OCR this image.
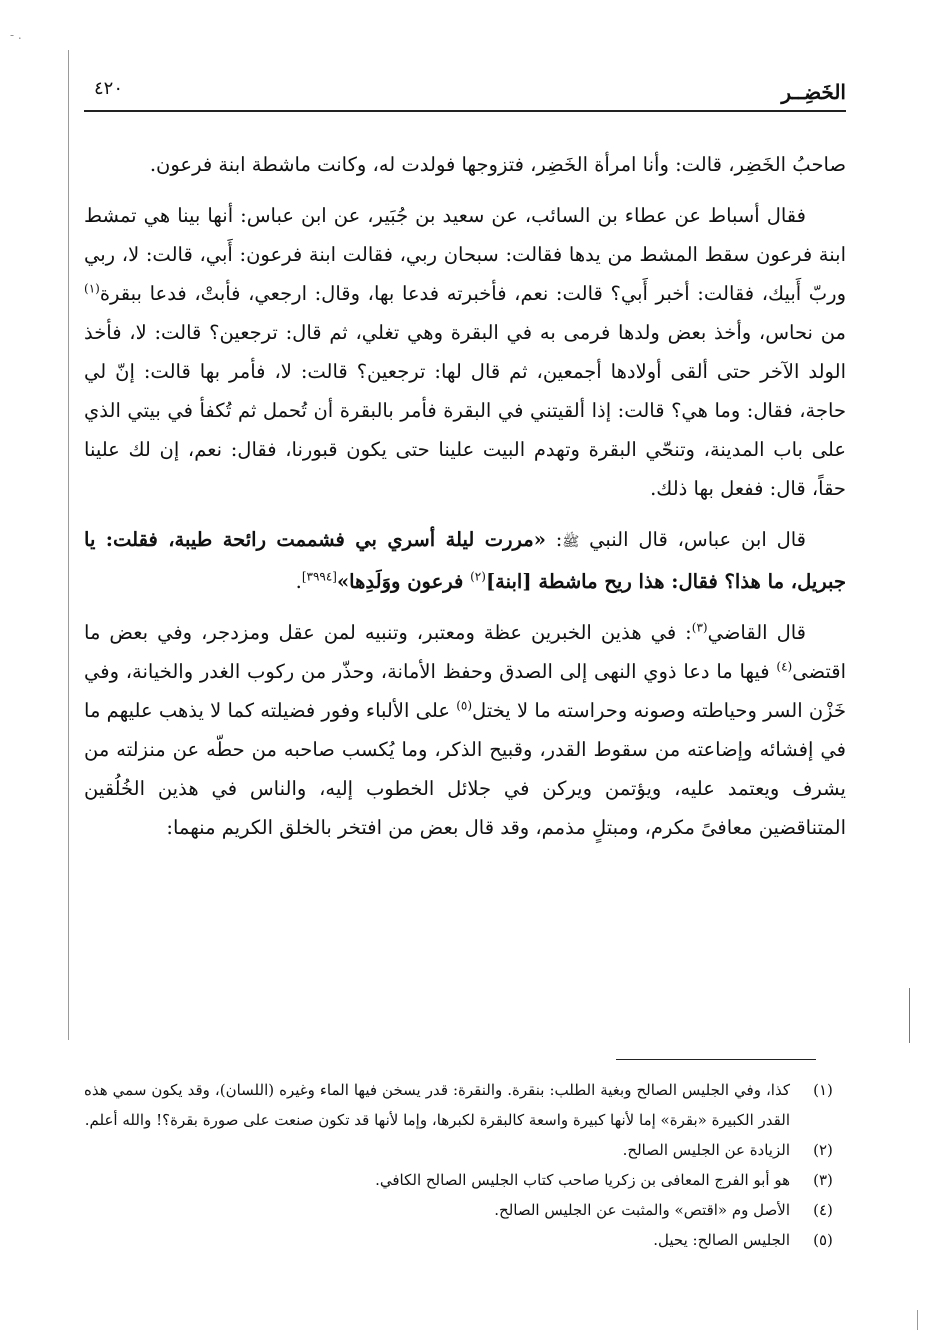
- .
الخَضِــر
٤٢٠

صاحبُ الخَضِر، قالت: وأنا امرأة الخَضِر، فتزوجها فولدت له، وكانت ماشطة ابنة فرعون.

فقال أسباط عن عطاء بن السائب، عن سعيد بن جُبَير، عن ابن عباس: أنها بينا هي تمشط ابنة فرعون سقط المشط من يدها فقالت: سبحان ربي، فقالت ابنة فرعون: أَبي، قالت: لا، ربي وربّ أَبيك، فقالت: أخبر أَبي؟ قالت: نعم، فأخبرته فدعا بها، وقال: ارجعي، فأبتْ، فدعا ببقرة$^{(١)}$ من نحاس، وأخذ بعض ولدها فرمى به في البقرة وهي تغلي، ثم قال: ترجعين؟ قالت: لا، فأخذ الولد الآخر حتى ألقى أولادها أجمعين، ثم قال لها: ترجعين؟ قالت: لا، فأمر بها قالت: إنّ لي حاجة، فقال: وما هي؟ قالت: إذا ألقيتني في البقرة فأمر بالبقرة أن تُحمل ثم تُكفأ في بيتي الذي على باب المدينة، وتنحّي البقرة وتهدم البيت علينا حتى يكون قبورنا، فقال: نعم، إن لك علينا حقاً، قال: ففعل بها ذلك.

قال ابن عباس، قال النبي ﷺ: «مررت ليلة أسري بي فشممت رائحة طيبة، فقلت: يا جبريل، ما هذا؟ فقال: هذا ريح ماشطة [ابنة]$^{(٢)}$ فرعون ووَلَدِها»[٣٩٩٤].

قال القاضي$^{(٣)}$: في هذين الخبرين عظة ومعتبر، وتنبيه لمن عقل ومزدجر، وفي بعض ما اقتضى$^{(٤)}$ فيها ما دعا ذوي النهى إلى الصدق وحفظ الأمانة، وحذّر من ركوب الغدر والخيانة، وفي خَزْن السر وحياطته وصونه وحراسته ما لا يختل$^{(٥)}$ على الألباء وفور فضيلته كما لا يذهب عليهم ما في إفشائه وإضاعته من سقوط القدر، وقبيح الذكر، وما يُكسب صاحبه من حطّه عن منزلته من يشرف ويعتمد عليه، ويؤتمن ويركن في جلائل الخطوب إليه، والناس في هذين الخُلُقين المتناقضين معافىً مكرم، ومبتلٍ مذمم، وقد قال بعض من افتخر بالخلق الكريم منهما:

(١)
كذا، وفي الجليس الصالح وبغية الطلب: بنقرة. والنقرة: قدر يسخن فيها الماء وغيره (اللسان)، وقد يكون سمي هذه القدر الكبيرة «بقرة» إما لأنها كبيرة واسعة كالبقرة لكبرها، وإما لأنها قد تكون صنعت على صورة بقرة؟! والله أعلم.
(٢)
الزيادة عن الجليس الصالح.
(٣)
هو أبو الفرج المعافى بن زكريا صاحب كتاب الجليس الصالح الكافي.
(٤)
الأصل وم «اقتص» والمثبت عن الجليس الصالح.
(٥)
الجليس الصالح: يحيل.
